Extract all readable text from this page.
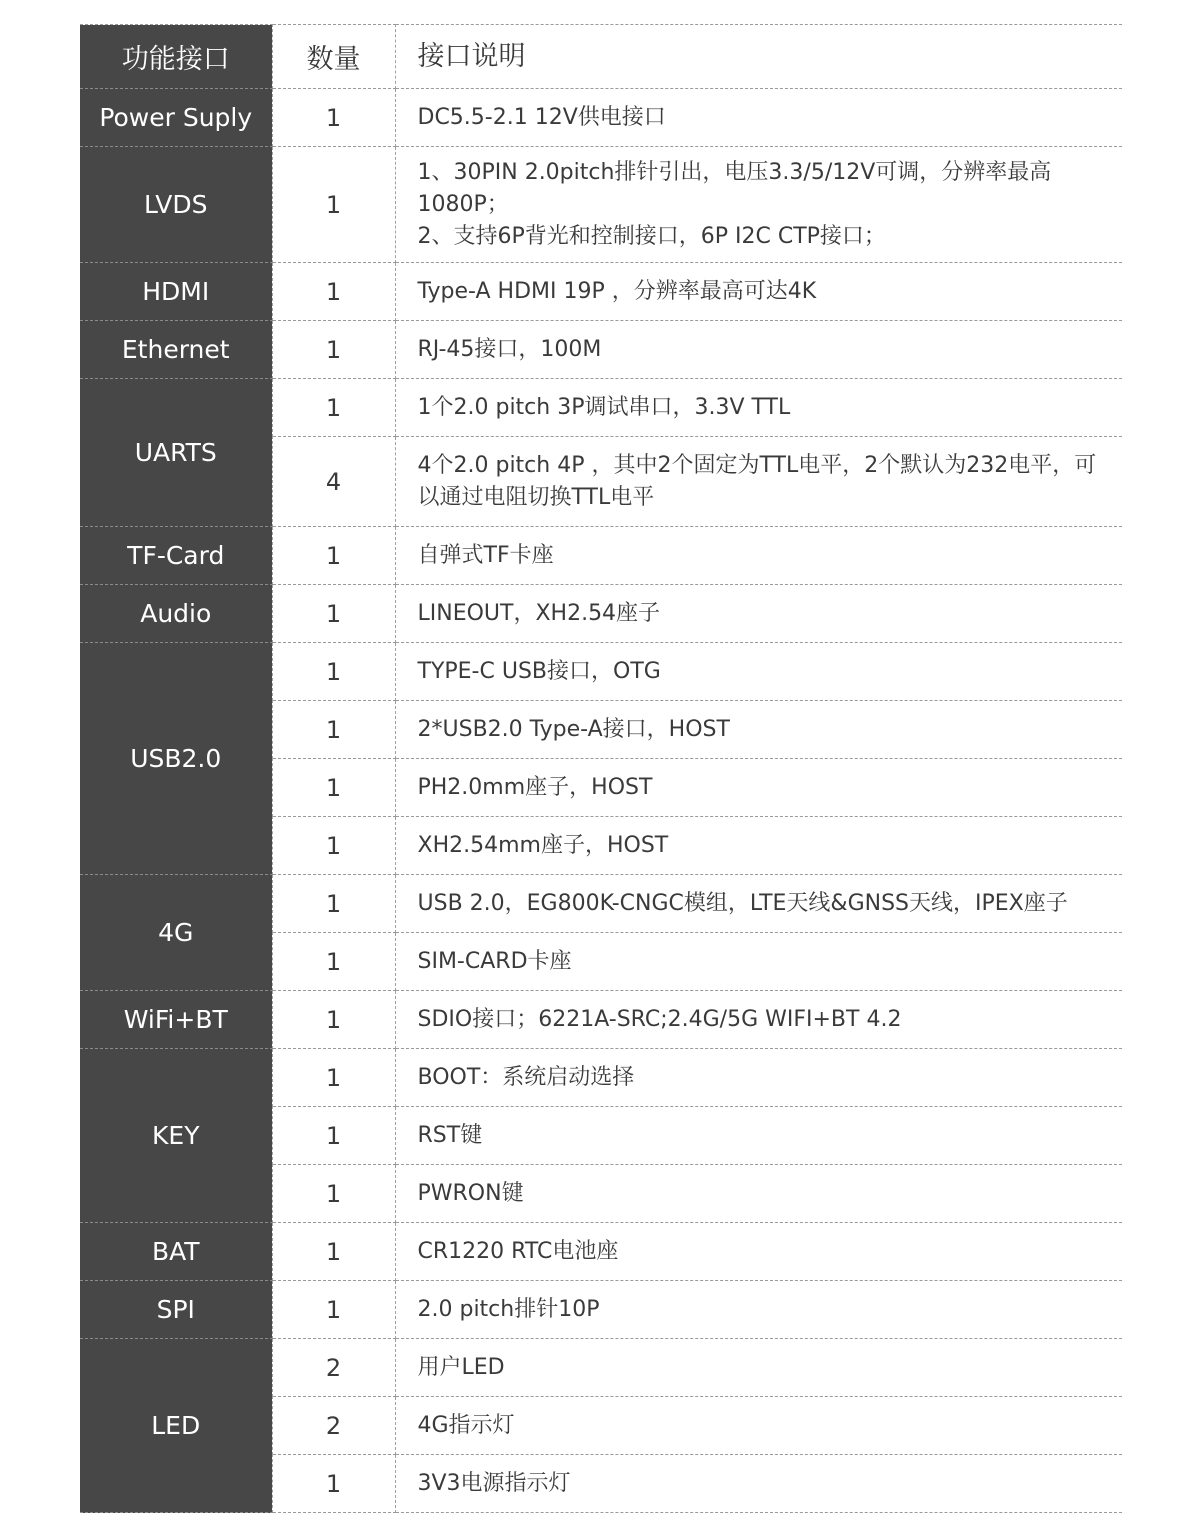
功能接口	数量	接口说明
Power Suply	1	DC5.5-2.1 12V供电接口
LVDS	1	1、30PIN 2.0pitch排针引出，电压3.3/5/12V可调，分辨率最高1080P；
2、支持6P背光和控制接口，6P I2C CTP接口；
HDMI	1	Type-A HDMI 19P ，分辨率最高可达4K
Ethernet	1	RJ-45接口，100M
UARTS	1	1个2.0 pitch 3P调试串口，3.3V TTL
	4	4个2.0 pitch 4P ，其中2个固定为TTL电平，2个默认为232电平，可以通过电阻切换TTL电平
TF-Card	1	自弹式TF卡座
Audio	1	LINEOUT，XH2.54座子
USB2.0	1	TYPE-C USB接口，OTG
	1	2*USB2.0 Type-A接口，HOST
	1	PH2.0mm座子，HOST
	1	XH2.54mm座子，HOST
4G	1	USB 2.0，EG800K-CNGC模组，LTE天线&GNSS天线，IPEX座子
	1	SIM-CARD卡座
WiFi+BT	1	SDIO接口；6221A-SRC;2.4G/5G WIFI+BT 4.2
KEY	1	BOOT：系统启动选择
	1	RST键
	1	PWRON键
BAT	1	CR1220 RTC电池座
SPI	1	2.0 pitch排针10P
LED	2	用户LED
	2	4G指示灯
	1	3V3电源指示灯
